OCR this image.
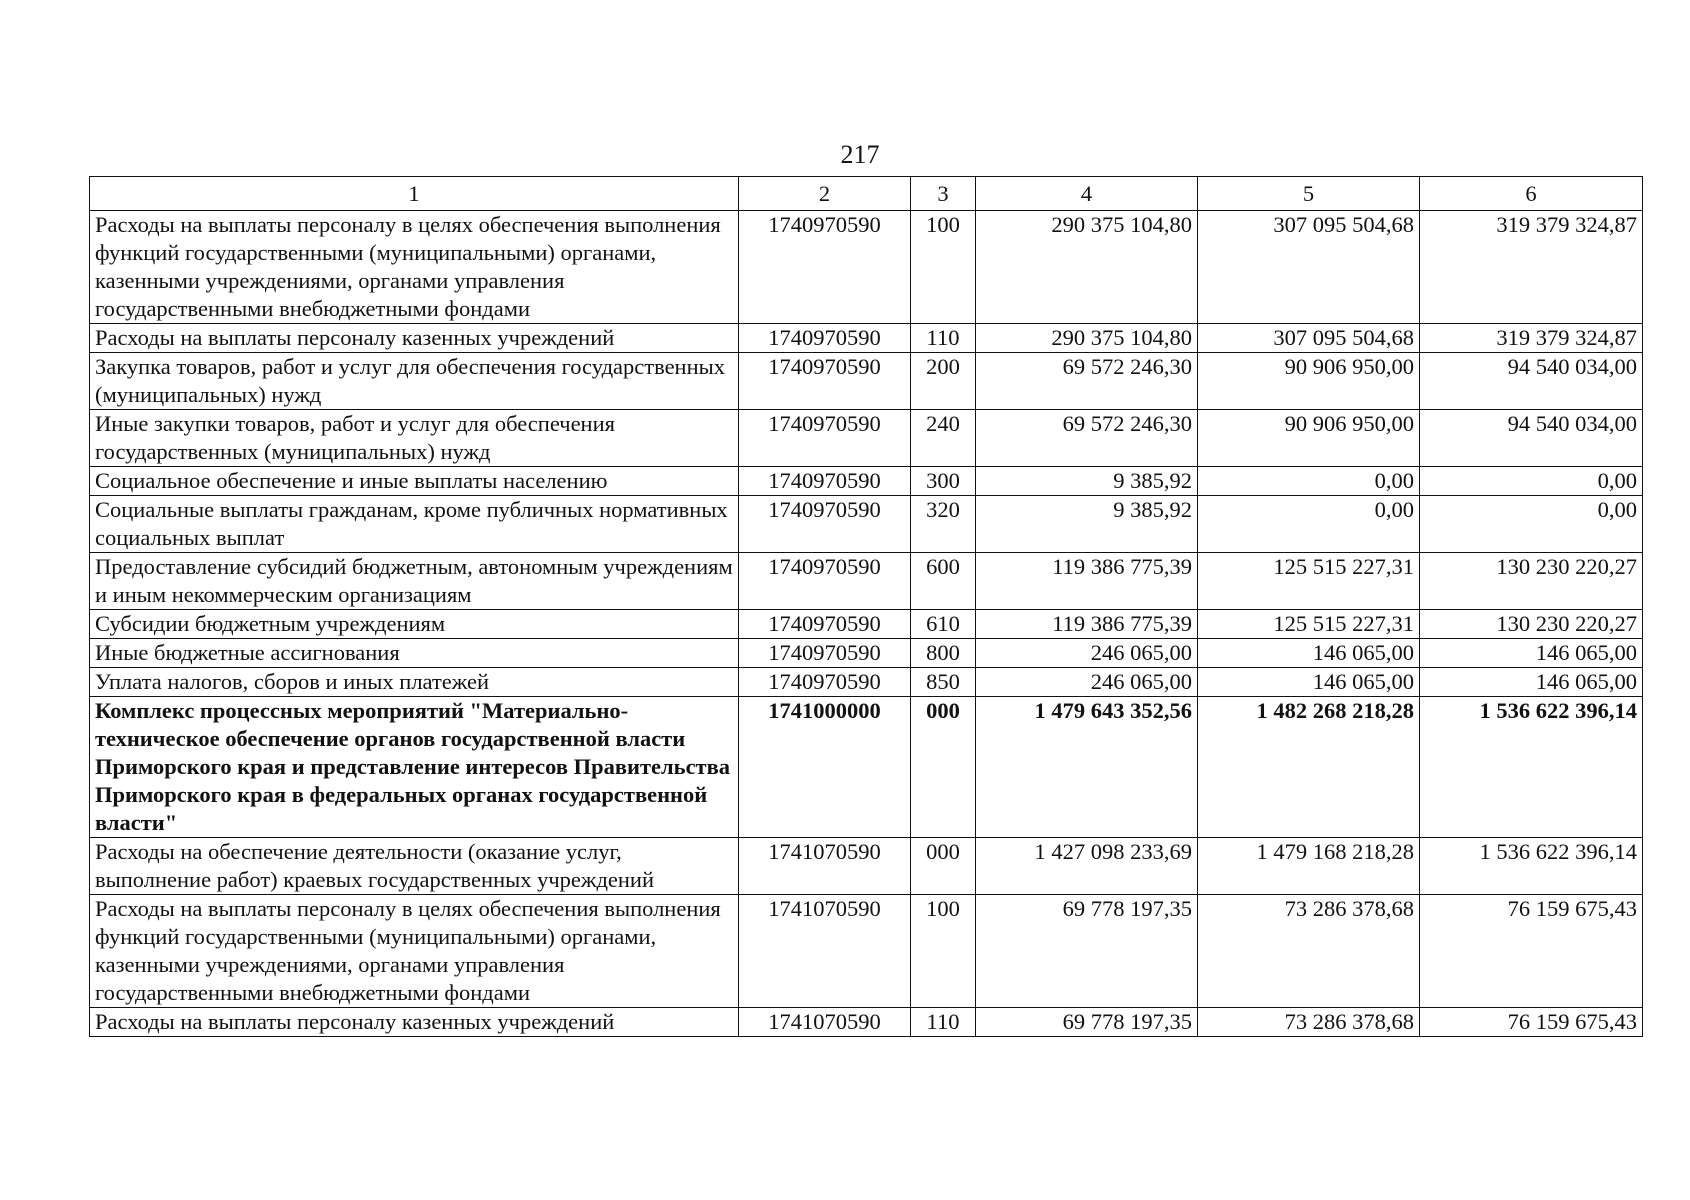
217
1	2	3	4	5	6
Расходы на выплаты персоналу в целях обеспечения выполнения функций государственными (муниципальными) органами, казенными учреждениями, органами управления государственными внебюджетными фондами	1740970590	100	290 375 104,80	307 095 504,68	319 379 324,87
Расходы на выплаты персоналу казенных учреждений	1740970590	110	290 375 104,80	307 095 504,68	319 379 324,87
Закупка товаров, работ и услуг для обеспечения государственных (муниципальных) нужд	1740970590	200	69 572 246,30	90 906 950,00	94 540 034,00
Иные закупки товаров, работ и услуг для обеспечения государственных (муниципальных) нужд	1740970590	240	69 572 246,30	90 906 950,00	94 540 034,00
Социальное обеспечение и иные выплаты населению	1740970590	300	9 385,92	0,00	0,00
Социальные выплаты гражданам, кроме публичных нормативных социальных выплат	1740970590	320	9 385,92	0,00	0,00
Предоставление субсидий бюджетным, автономным учреждениям и иным некоммерческим организациям	1740970590	600	119 386 775,39	125 515 227,31	130 230 220,27
Субсидии бюджетным учреждениям	1740970590	610	119 386 775,39	125 515 227,31	130 230 220,27
Иные бюджетные ассигнования	1740970590	800	246 065,00	146 065,00	146 065,00
Уплата налогов, сборов и иных платежей	1740970590	850	246 065,00	146 065,00	146 065,00
Комплекс процессных мероприятий "Материально-техническое обеспечение органов государственной власти Приморского края и представление интересов Правительства Приморского края в федеральных органах государственной власти"	1741000000	000	1 479 643 352,56	1 482 268 218,28	1 536 622 396,14
Расходы на обеспечение деятельности (оказание услуг, выполнение работ) краевых государственных учреждений	1741070590	000	1 427 098 233,69	1 479 168 218,28	1 536 622 396,14
Расходы на выплаты персоналу в целях обеспечения выполнения функций государственными (муниципальными) органами, казенными учреждениями, органами управления государственными внебюджетными фондами	1741070590	100	69 778 197,35	73 286 378,68	76 159 675,43
Расходы на выплаты персоналу казенных учреждений	1741070590	110	69 778 197,35	73 286 378,68	76 159 675,43
